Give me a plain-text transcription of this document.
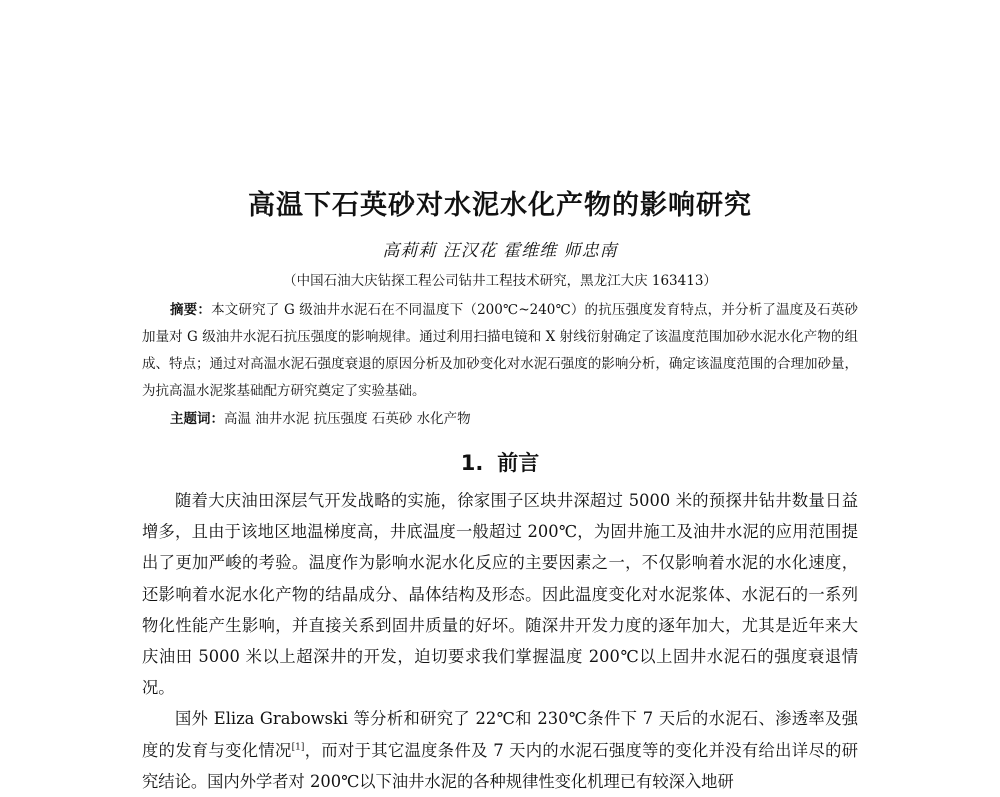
高温下石英砂对水泥水化产物的影响研究
高莉莉 汪汉花 霍维维 师忠南
（中国石油大庆钻探工程公司钻井工程技术研究，黑龙江大庆 163413）

摘要：本文研究了 G 级油井水泥石在不同温度下（200℃~240℃）的抗压强度发育特点，并分析了温度及石英砂加量对 G 级油井水泥石抗压强度的影响规律。通过利用扫描电镜和 X 射线衍射确定了该温度范围加砂水泥水化产物的组成、特点；通过对高温水泥石强度衰退的原因分析及加砂变化对水泥石强度的影响分析，确定该温度范围的合理加砂量，为抗高温水泥浆基础配方研究奠定了实验基础。

主题词：高温 油井水泥 抗压强度 石英砂 水化产物
1. 前言

随着大庆油田深层气开发战略的实施，徐家围子区块井深超过 5000 米的预探井钻井数量日益增多，且由于该地区地温梯度高，井底温度一般超过 200℃，为固井施工及油井水泥的应用范围提出了更加严峻的考验。温度作为影响水泥水化反应的主要因素之一，不仅影响着水泥的水化速度，还影响着水泥水化产物的结晶成分、晶体结构及形态。因此温度变化对水泥浆体、水泥石的一系列物化性能产生影响，并直接关系到固井质量的好坏。随深井开发力度的逐年加大，尤其是近年来大庆油田 5000 米以上超深井的开发，迫切要求我们掌握温度 200℃以上固井水泥石的强度衰退情况。

国外 Eliza Grabowski 等分析和研究了 22℃和 230℃条件下 7 天后的水泥石、渗透率及强度的发育与变化情况[1]，而对于其它温度条件及 7 天内的水泥石强度等的变化并没有给出详尽的研究结论。国内外学者对 200℃以下油井水泥的各种规律性变化机理已有较深入地研
